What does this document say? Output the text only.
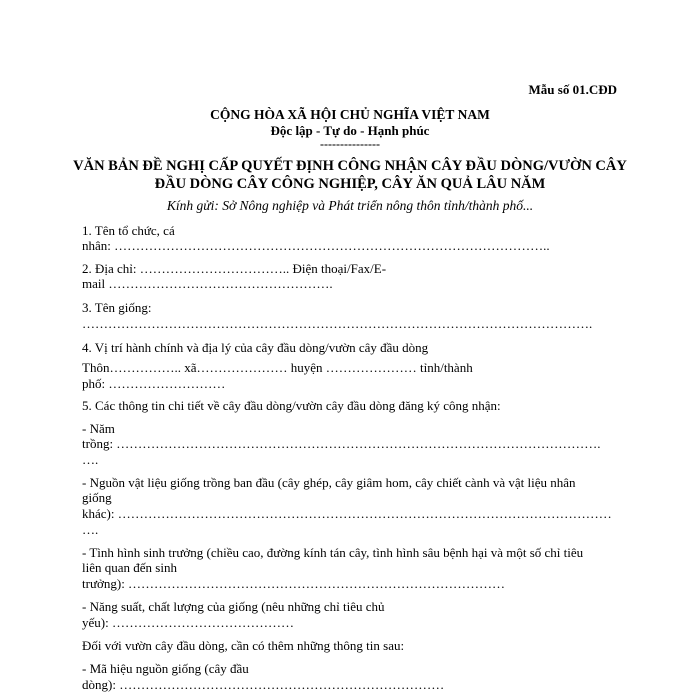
Mẫu số 01.CĐD
CỘNG HÒA XÃ HỘI CHỦ NGHĨA VIỆT NAM
Độc lập - Tự do - Hạnh phúc
---------------
VĂN BẢN ĐỀ NGHỊ CẤP QUYẾT ĐỊNH CÔNG NHẬN CÂY ĐẦU DÒNG/VƯỜN CÂY
ĐẦU DÒNG CÂY CÔNG NGHIỆP, CÂY ĂN QUẢ LÂU NĂM
Kính gửi: Sở Nông nghiệp và Phát triển nông thôn tỉnh/thành phố...
1. Tên tổ chức, cá
nhân: ………………………………………………………………………………………..
2. Địa chỉ: …………………………….. Điện thoại/Fax/E-
mail …………………………………………….
3. Tên giống:
……………………………………………………………………………………………………….
4. Vị trí hành chính và địa lý của cây đầu dòng/vườn cây đầu dòng
Thôn…………….. xã………………… huyện ………………… tỉnh/thành
phố: ………………………
5. Các thông tin chi tiết về cây đầu dòng/vườn cây đầu dòng đăng ký công nhận:
- Năm
trồng: ………………………………………………………………………………………………….
….
- Nguồn vật liệu giống trồng ban đầu (cây ghép, cây giâm hom, cây chiết cành và vật liệu nhân
giống
khác): ……………………………………………………………………………………………………
….
- Tình hình sinh trưởng (chiều cao, đường kính tán cây, tình hình sâu bệnh hại và một số chỉ tiêu
liên quan đến sinh
trưởng): ……………………………………………………………………………
- Năng suất, chất lượng của giống (nêu những chỉ tiêu chủ
yếu): ……………………………………
Đối với vườn cây đầu dòng, cần có thêm những thông tin sau:
- Mã hiệu nguồn giống (cây đầu
dòng): …………………………………………………………………
